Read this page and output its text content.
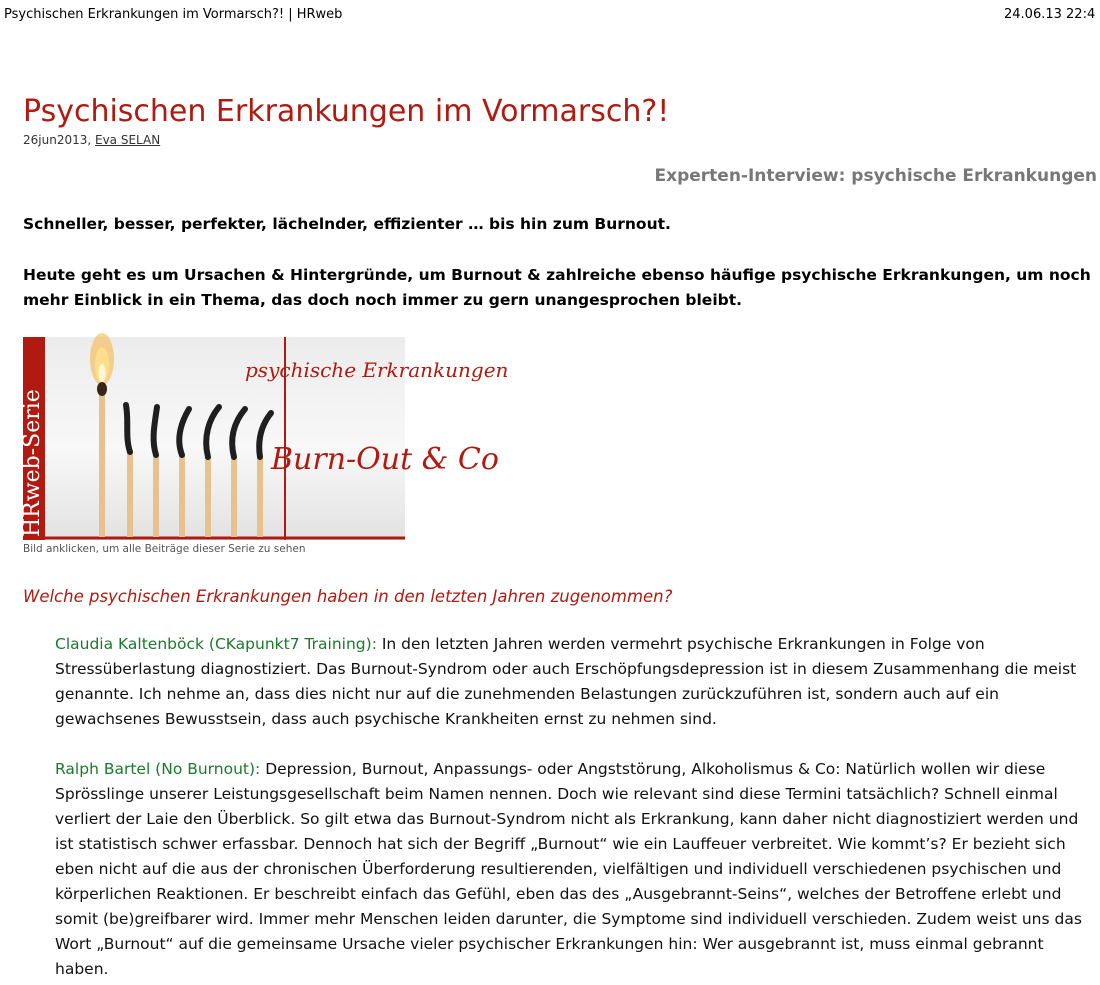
Psychischen Erkrankungen im Vormarsch?! | HRweb	24.06.13 22:4
Psychischen Erkrankungen im Vormarsch?!
26jun2013, Eva SELAN
Experten-Interview: psychische Erkrankungen

Schneller, besser, perfekter, lächelnder, effizienter … bis hin zum Burnout.

Heute geht es um Ursachen & Hintergründe, um Burnout & zahlreiche ebenso häufige psychische Erkrankungen, um noch mehr Einblick in ein Thema, das doch noch immer zu gern unangesprochen bleibt.

HRweb-Serie
psychische Erkrankungen
Burn-Out & Co
Bild anklicken, um alle Beiträge dieser Serie zu sehen
Welche psychischen Erkrankungen haben in den letzten Jahren zugenommen?

Claudia Kaltenböck (CKapunkt7 Training): In den letzten Jahren werden vermehrt psychische Erkrankungen in Folge von Stressüberlastung diagnostiziert. Das Burnout-Syndrom oder auch Erschöpfungsdepression ist in diesem Zusammenhang die meist genannte. Ich nehme an, dass dies nicht nur auf die zunehmenden Belastungen zurückzuführen ist, sondern auch auf ein gewachsenes Bewusstsein, dass auch psychische Krankheiten ernst zu nehmen sind.

Ralph Bartel (No Burnout): Depression, Burnout, Anpassungs- oder Angststörung, Alkoholismus & Co: Natürlich wollen wir diese Sprösslinge unserer Leistungsgesellschaft beim Namen nennen. Doch wie relevant sind diese Termini tatsächlich? Schnell einmal verliert der Laie den Überblick. So gilt etwa das Burnout-Syndrom nicht als Erkrankung, kann daher nicht diagnostiziert werden und ist statistisch schwer erfassbar. Dennoch hat sich der Begriff „Burnout“ wie ein Lauffeuer verbreitet. Wie kommt’s? Er bezieht sich eben nicht auf die aus der chronischen Überforderung resultierenden, vielfältigen und individuell verschiedenen psychischen und körperlichen Reaktionen. Er beschreibt einfach das Gefühl, eben das des „Ausgebrannt-Seins“, welches der Betroffene erlebt und somit (be)greifbarer wird. Immer mehr Menschen leiden darunter, die Symptome sind individuell verschieden. Zudem weist uns das Wort „Burnout“ auf die gemeinsame Ursache vieler psychischer Erkrankungen hin: Wer ausgebrannt ist, muss einmal gebrannt haben.
